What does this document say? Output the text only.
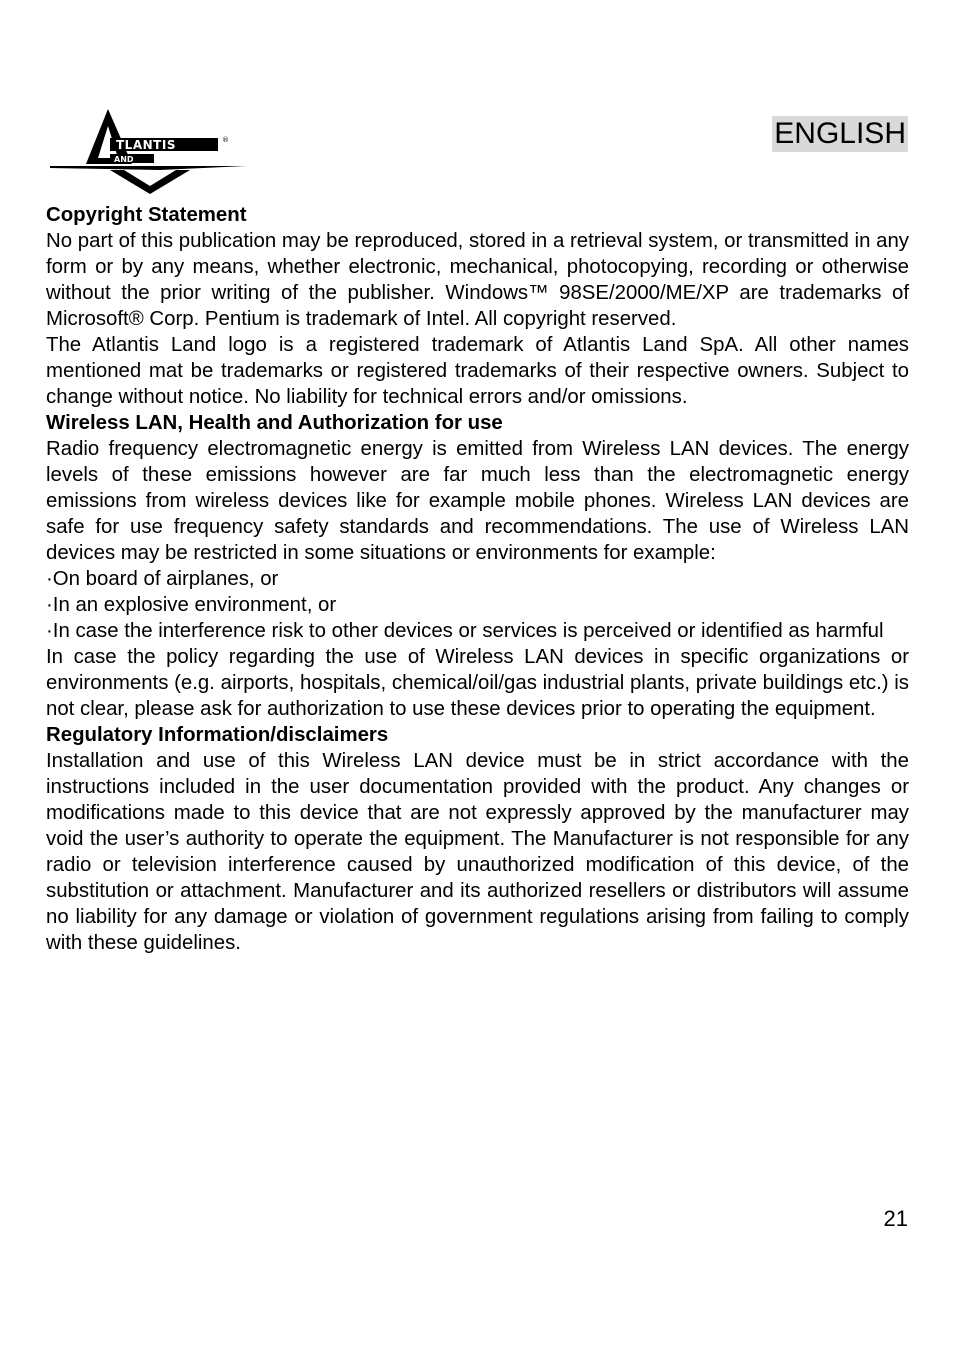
TLANTIS	®
AND
ENGLISH
Copyright Statement

No part of this publication may be reproduced, stored in a retrieval system, or transmitted in any form or by any means, whether electronic, mechanical, photocopying, recording or otherwise without the prior writing of the publisher. Windows™ 98SE/2000/ME/XP are trademarks of Microsoft® Corp. Pentium is trademark of Intel. All copyright reserved.

The Atlantis Land logo is a registered trademark of Atlantis Land SpA. All other names mentioned mat be trademarks or registered trademarks of their respective owners. Subject to change without notice. No liability for technical errors and/or omissions.

Wireless LAN, Health and Authorization for use

Radio frequency electromagnetic energy is emitted from Wireless LAN devices. The energy levels of these emissions however are far much less than the electromagnetic energy emissions from wireless devices like for example mobile phones. Wireless LAN devices are safe for use frequency safety standards and recommendations. The use of Wireless LAN devices may be restricted in some situations or environments for example:

·On board of airplanes, or

·In an explosive environment, or

·In case the interference risk to other devices or services is perceived or identified as harmful

In case the policy regarding the use of Wireless LAN devices in specific organizations or environments (e.g. airports, hospitals, chemical/oil/gas industrial plants, private buildings etc.) is not clear, please ask for authorization to use these devices prior to operating the equipment.

Regulatory Information/disclaimers

Installation and use of this Wireless LAN device must be in strict accordance with the instructions included in the user documentation provided with the product. Any changes or modifications made to this device that are not expressly approved by the manufacturer may void the user’s authority to operate the equipment. The Manufacturer is not responsible for any radio or television interference caused by unauthorized modification of this device, of the substitution or attachment. Manufacturer and its authorized resellers or distributors will assume no liability for any damage or violation of government regulations arising from failing to comply with these guidelines.

21
